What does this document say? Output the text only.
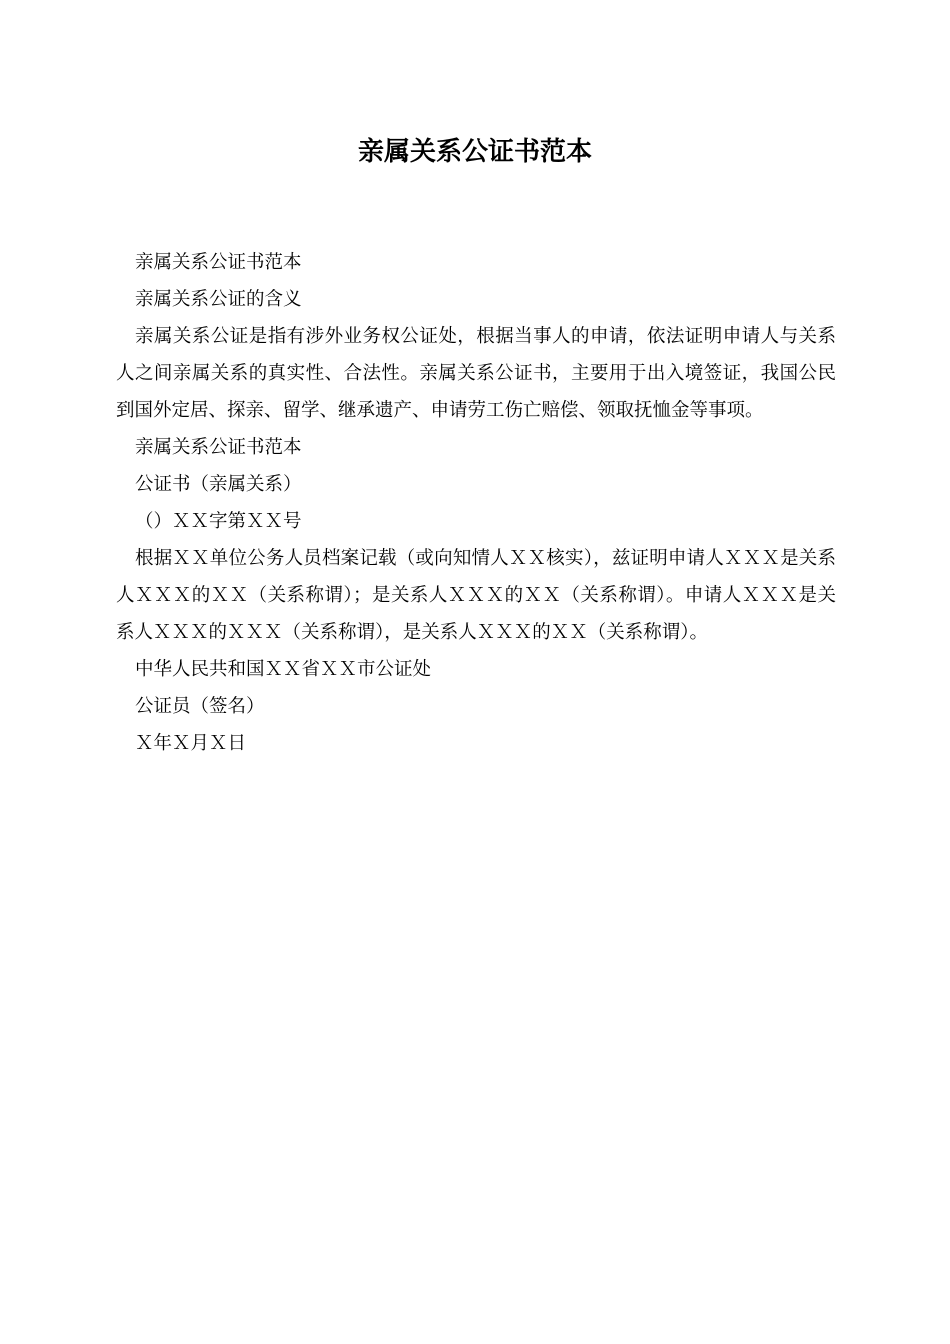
亲属关系公证书范本

亲属关系公证书范本

亲属关系公证的含义

亲属关系公证是指有涉外业务权公证处，根据当事人的申请，依法证明申请人与关系人之间亲属关系的真实性、合法性。亲属关系公证书，主要用于出入境签证，我国公民到国外定居、探亲、留学、继承遗产、申请劳工伤亡赔偿、领取抚恤金等事项。

亲属关系公证书范本

公证书（亲属关系）

（）ＸＸ字第ＸＸ号

根据ＸＸ单位公务人员档案记载（或向知情人ＸＸ核实），兹证明申请人ＸＸＸ是关系人ＸＸＸ的ＸＸ（关系称谓）；是关系人ＸＸＸ的ＸＸ（关系称谓）。申请人ＸＸＸ是关系人ＸＸＸ的ＸＸＸ（关系称谓），是关系人ＸＸＸ的ＸＸ（关系称谓）。

中华人民共和国ＸＸ省ＸＸ市公证处

公证员（签名）

Ｘ年Ｘ月Ｘ日
